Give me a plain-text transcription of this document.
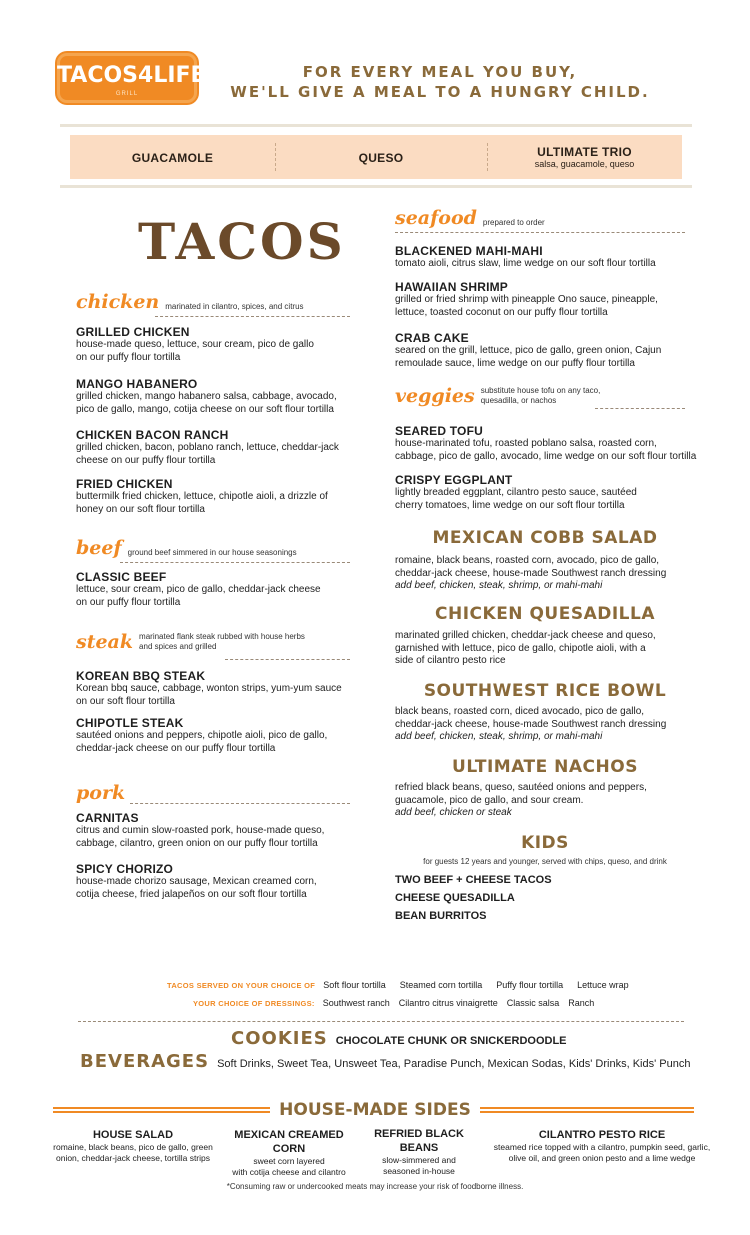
TACOS4LIFE
GRILL
FOR EVERY MEAL YOU BUY,
WE'LL GIVE A MEAL TO A HUNGRY CHILD.
GUACAMOLE	QUESO	ULTIMATE TRIO
salsa, guacamole, queso
TACOS
chicken marinated in cilantro, spices, and citrus
GRILLED CHICKEN
house-made queso, lettuce, sour cream, pico de gallo
on our puffy flour tortilla
MANGO HABANERO
grilled chicken, mango habanero salsa, cabbage, avocado,
pico de gallo, mango, cotija cheese on our soft flour tortilla
CHICKEN BACON RANCH
grilled chicken, bacon, poblano ranch, lettuce, cheddar-jack
cheese on our puffy flour tortilla
FRIED CHICKEN
buttermilk fried chicken, lettuce, chipotle aioli, a drizzle of
honey on our soft flour tortilla
beef ground beef simmered in our house seasonings
CLASSIC BEEF
lettuce, sour cream, pico de gallo, cheddar-jack cheese
on our puffy flour tortilla
steak marinated flank steak rubbed with house herbs
and spices and grilled
KOREAN BBQ STEAK
Korean bbq sauce, cabbage, wonton strips, yum-yum sauce
on our soft flour tortilla
CHIPOTLE STEAK
sautéed onions and peppers, chipotle aioli, pico de gallo,
cheddar-jack cheese on our puffy flour tortilla
pork
CARNITAS
citrus and cumin slow-roasted pork, house-made queso,
cabbage, cilantro, green onion on our puffy flour tortilla
SPICY CHORIZO
house-made chorizo sausage, Mexican creamed corn,
cotija cheese, fried jalapeños on our soft flour tortilla
seafood prepared to order
BLACKENED MAHI-MAHI
tomato aioli, citrus slaw, lime wedge on our soft flour tortilla
HAWAIIAN SHRIMP
grilled or fried shrimp with pineapple Ono sauce, pineapple,
lettuce, toasted coconut on our puffy flour tortilla
CRAB CAKE
seared on the grill, lettuce, pico de gallo, green onion, Cajun
remoulade sauce, lime wedge on our puffy flour tortilla
veggies substitute house tofu on any taco,
quesadilla, or nachos
SEARED TOFU
house-marinated tofu, roasted poblano salsa, roasted corn,
cabbage, pico de gallo, avocado, lime wedge on our soft flour tortilla
CRISPY EGGPLANT
lightly breaded eggplant, cilantro pesto sauce, sautéed
cherry tomatoes, lime wedge on our soft flour tortilla
MEXICAN COBB SALAD
romaine, black beans, roasted corn, avocado, pico de gallo,
cheddar-jack cheese, house-made Southwest ranch dressing
add beef, chicken, steak, shrimp, or mahi-mahi
CHICKEN QUESADILLA
marinated grilled chicken, cheddar-jack cheese and queso,
garnished with lettuce, pico de gallo, chipotle aioli, with a
side of cilantro pesto rice
SOUTHWEST RICE BOWL
black beans, roasted corn, diced avocado, pico de gallo,
cheddar-jack cheese, house-made Southwest ranch dressing
add beef, chicken, steak, shrimp, or mahi-mahi
ULTIMATE NACHOS
refried black beans, queso, sautéed onions and peppers,
guacamole, pico de gallo, and sour cream.
add beef, chicken or steak
KIDS
for guests 12 years and younger, served with chips, queso, and drink
TWO BEEF + CHEESE TACOS
CHEESE QUESADILLA
BEAN BURRITOS
TACOS SERVED ON YOUR CHOICE OF Soft flour tortilla Steamed corn tortilla Puffy flour tortilla Lettuce wrap
YOUR CHOICE OF DRESSINGS: Southwest ranch Cilantro citrus vinaigrette Classic salsa Ranch
COOKIES CHOCOLATE CHUNK OR SNICKERDOODLE
BEVERAGES Soft Drinks, Sweet Tea, Unsweet Tea, Paradise Punch, Mexican Sodas, Kids' Drinks, Kids' Punch
HOUSE-MADE SIDES
HOUSE SALAD
romaine, black beans, pico de gallo, green
onion, cheddar-jack cheese, tortilla strips
MEXICAN CREAMED CORN
sweet corn layered
with cotija cheese and cilantro
REFRIED BLACK BEANS
slow-simmered and
seasoned in-house
CILANTRO PESTO RICE
steamed rice topped with a cilantro, pumpkin seed, garlic,
olive oil, and green onion pesto and a lime wedge
*Consuming raw or undercooked meats may increase your risk of foodborne illness.
